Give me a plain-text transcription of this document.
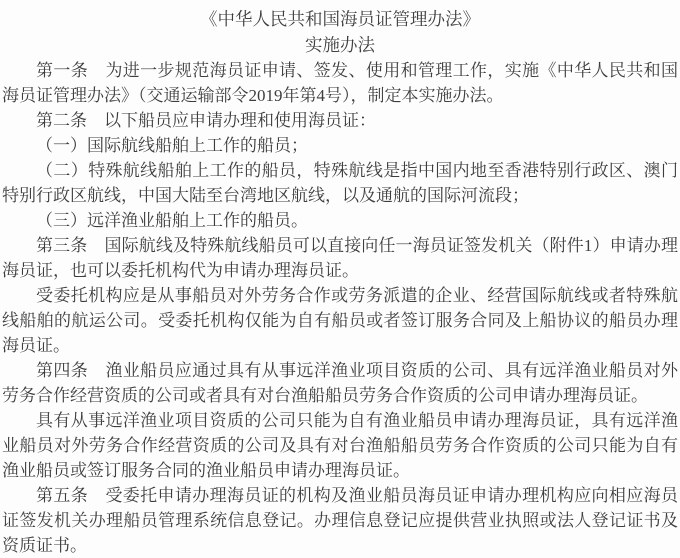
《中华人民共和国海员证管理办法》
实施办法

第一条　为进一步规范海员证申请、签发、使用和管理工作，实施《中华人民共和国海员证管理办法》（交通运输部令2019年第4号），制定本实施办法。

第二条　以下船员应申请办理和使用海员证：

（一）国际航线船舶上工作的船员；

（二）特殊航线船舶上工作的船员，特殊航线是指中国内地至香港特别行政区、澳门特别行政区航线，中国大陆至台湾地区航线，以及通航的国际河流段；

（三）远洋渔业船舶上工作的船员。

第三条　国际航线及特殊航线船员可以直接向任一海员证签发机关（附件1）申请办理海员证，也可以委托机构代为申请办理海员证。

受委托机构应是从事船员对外劳务合作或劳务派遣的企业、经营国际航线或者特殊航线船舶的航运公司。受委托机构仅能为自有船员或者签订服务合同及上船协议的船员办理海员证。

第四条　渔业船员应通过具有从事远洋渔业项目资质的公司、具有远洋渔业船员对外劳务合作经营资质的公司或者具有对台渔船船员劳务合作资质的公司申请办理海员证。

具有从事远洋渔业项目资质的公司只能为自有渔业船员申请办理海员证，具有远洋渔业船员对外劳务合作经营资质的公司及具有对台渔船船员劳务合作资质的公司只能为自有渔业船员或签订服务合同的渔业船员申请办理海员证。

第五条　受委托申请办理海员证的机构及渔业船员海员证申请办理机构应向相应海员证签发机关办理船员管理系统信息登记。办理信息登记应提供营业执照或法人登记证书及资质证书。
